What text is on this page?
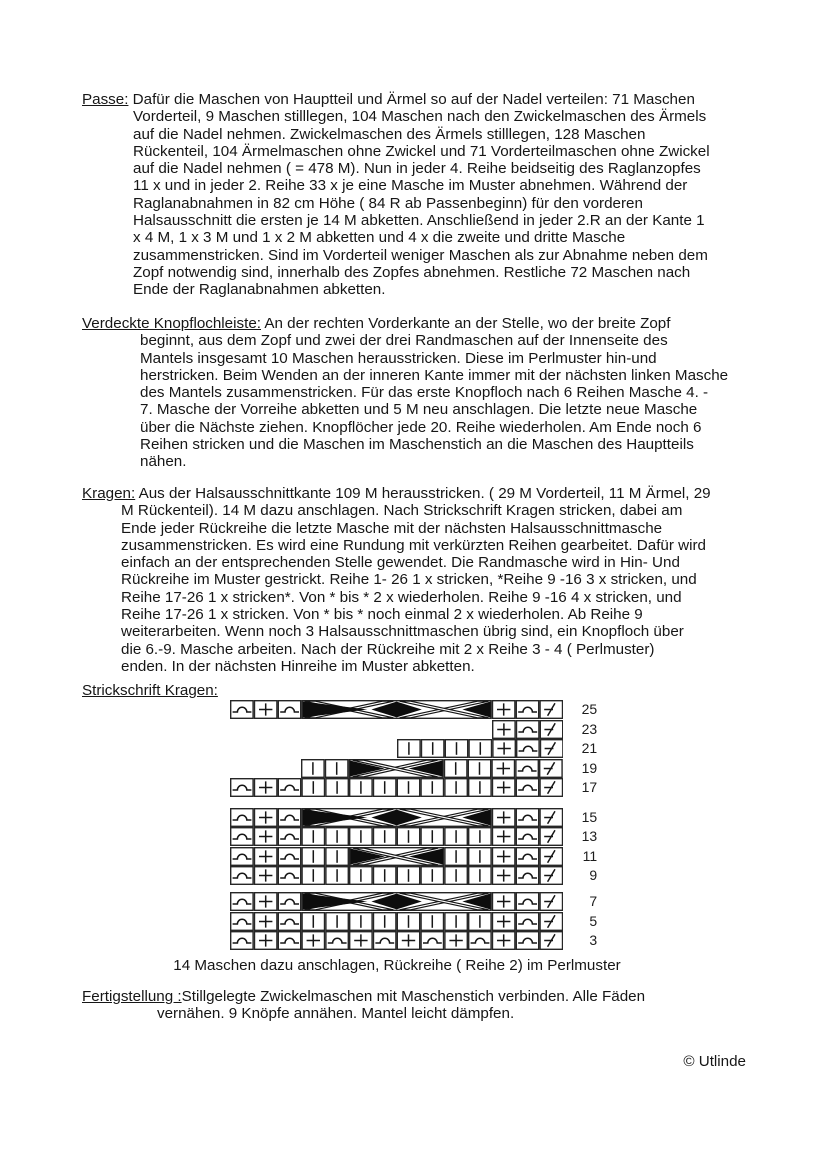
Passe: Dafür die Maschen von Hauptteil und Ärmel so auf der Nadel verteilen: 71 Maschen
Vorderteil, 9 Maschen stilllegen, 104 Maschen nach den Zwickelmaschen des Ärmels
auf die Nadel nehmen. Zwickelmaschen des Ärmels stilllegen, 128 Maschen
Rückenteil, 104 Ärmelmaschen ohne Zwickel und 71 Vorderteilmaschen ohne Zwickel
auf die Nadel nehmen ( = 478 M). Nun in jeder 4. Reihe beidseitig des Raglanzopfes
11 x und in jeder 2. Reihe 33 x je eine Masche im Muster abnehmen. Während der
Raglanabnahmen in 82 cm Höhe ( 84 R ab Passenbeginn) für den vorderen
Halsausschnitt die ersten je 14 M abketten. Anschließend in jeder 2.R an der Kante 1
x 4 M, 1 x 3 M und 1 x 2 M abketten und 4 x die zweite und dritte Masche
zusammenstricken. Sind im Vorderteil weniger Maschen als zur Abnahme neben dem
Zopf notwendig sind, innerhalb des Zopfes abnehmen. Restliche 72 Maschen nach
Ende der Raglanabnahmen abketten.
Verdeckte Knopflochleiste: An der rechten Vorderkante an der Stelle, wo der breite Zopf
beginnt, aus dem Zopf und zwei der drei Randmaschen auf der Innenseite des
Mantels insgesamt 10 Maschen herausstricken. Diese im Perlmuster hin-und
herstricken. Beim Wenden an der inneren Kante immer mit der nächsten linken Masche
des Mantels zusammenstricken. Für das erste Knopfloch nach 6 Reihen Masche 4. -
7. Masche der Vorreihe abketten und 5 M neu anschlagen. Die letzte neue Masche
über die Nächste ziehen. Knopflöcher jede 20. Reihe wiederholen. Am Ende noch 6
Reihen stricken und die Maschen im Maschenstich an die Maschen des Hauptteils
nähen.
Kragen: Aus der Halsausschnittkante 109 M herausstricken. ( 29 M Vorderteil, 11 M Ärmel, 29
M Rückenteil). 14 M dazu anschlagen. Nach Strickschrift Kragen stricken, dabei am
Ende jeder Rückreihe die letzte Masche mit der nächsten Halsausschnittmasche
zusammenstricken. Es wird eine Rundung mit verkürzten Reihen gearbeitet. Dafür wird
einfach an der entsprechenden Stelle gewendet. Die Randmasche wird in Hin- Und
Rückreihe im Muster gestrickt. Reihe 1- 26 1 x stricken, *Reihe 9 -16 3 x stricken, und
Reihe 17-26 1 x stricken*. Von * bis * 2 x wiederholen. Reihe 9 -16 4 x stricken, und
Reihe 17-26 1 x stricken. Von * bis * noch einmal 2 x wiederholen. Ab Reihe 9
weiterarbeiten. Wenn noch 3 Halsausschnittmaschen übrig sind, ein Knopfloch über
die 6.-9. Masche arbeiten. Nach der Rückreihe mit 2 x Reihe 3 - 4 ( Perlmuster)
enden. In der nächsten Hinreihe im Muster abketten.
Strickschrift Kragen:
25
23
21
19
17
15
13
11
9
7
5
3
14 Maschen dazu anschlagen, Rückreihe ( Reihe 2) im Perlmuster
Fertigstellung :Stillgelegte Zwickelmaschen mit Maschenstich verbinden. Alle Fäden
vernähen. 9 Knöpfe annähen. Mantel leicht dämpfen.
© Utlinde
